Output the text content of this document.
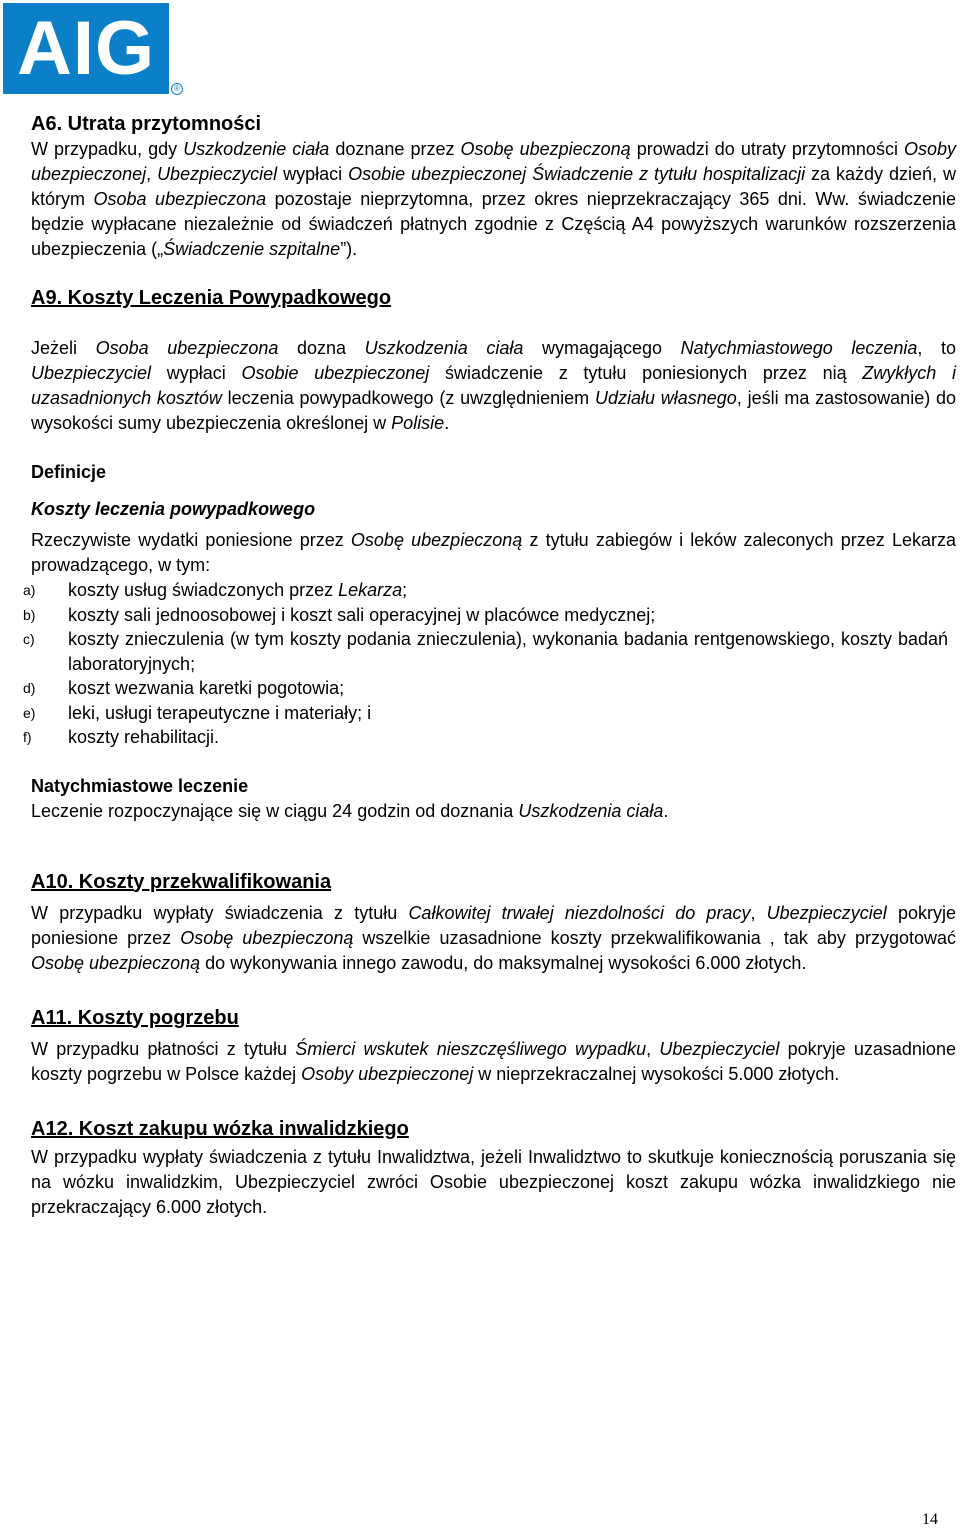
AIG	®
A6. Utrata przytomności

W przypadku, gdy Uszkodzenie ciała doznane przez Osobę ubezpieczoną prowadzi do utraty przytomności Osoby ubezpieczonej, Ubezpieczyciel wypłaci Osobie ubezpieczonej Świadczenie z tytułu hospitalizacji za każdy dzień, w którym Osoba ubezpieczona pozostaje nieprzytomna, przez okres nieprzekraczający 365 dni. Ww. świadczenie będzie wypłacane niezależnie od świadczeń płatnych zgodnie z Częścią A4 powyższych warunków rozszerzenia ubezpieczenia („Świadczenie szpitalne”).

A9. Koszty Leczenia Powypadkowego

Jeżeli Osoba ubezpieczona dozna Uszkodzenia ciała wymagającego Natychmiastowego leczenia, to Ubezpieczyciel wypłaci Osobie ubezpieczonej świadczenie z tytułu poniesionych przez nią Zwykłych i uzasadnionych kosztów leczenia powypadkowego (z uwzględnieniem Udziału własnego, jeśli ma zastosowanie) do wysokości sumy ubezpieczenia określonej w Polisie.

Definicje

Koszty leczenia powypadkowego

Rzeczywiste wydatki poniesione przez Osobę ubezpieczoną z tytułu zabiegów i leków zaleconych przez Lekarza prowadzącego, w tym:

a) koszty usług świadczonych przez Lekarza;
b) koszty sali jednoosobowej i koszt sali operacyjnej w placówce medycznej;
c) koszty znieczulenia (w tym koszty podania znieczulenia), wykonania badania rentgenowskiego, koszty badań laboratoryjnych;
d) koszt wezwania karetki pogotowia;
e) leki, usługi terapeutyczne i materiały; i
f) koszty rehabilitacji.

Natychmiastowe leczenie

Leczenie rozpoczynające się w ciągu 24 godzin od doznania Uszkodzenia ciała.

A10. Koszty przekwalifikowania

W przypadku wypłaty świadczenia z tytułu Całkowitej trwałej niezdolności do pracy, Ubezpieczyciel pokryje poniesione przez Osobę ubezpieczoną wszelkie uzasadnione koszty przekwalifikowania , tak aby przygotować Osobę ubezpieczoną do wykonywania innego zawodu, do maksymalnej wysokości 6.000 złotych.

A11. Koszty pogrzebu

W przypadku płatności z tytułu Śmierci wskutek nieszczęśliwego wypadku, Ubezpieczyciel pokryje uzasadnione koszty pogrzebu w Polsce każdej Osoby ubezpieczonej w nieprzekraczalnej wysokości 5.000 złotych.

A12. Koszt zakupu wózka inwalidzkiego

W przypadku wypłaty świadczenia z tytułu Inwalidztwa, jeżeli Inwalidztwo to skutkuje koniecznością poruszania się na wózku inwalidzkim, Ubezpieczyciel zwróci Osobie ubezpieczonej koszt zakupu wózka inwalidzkiego nie przekraczający 6.000 złotych.

14
